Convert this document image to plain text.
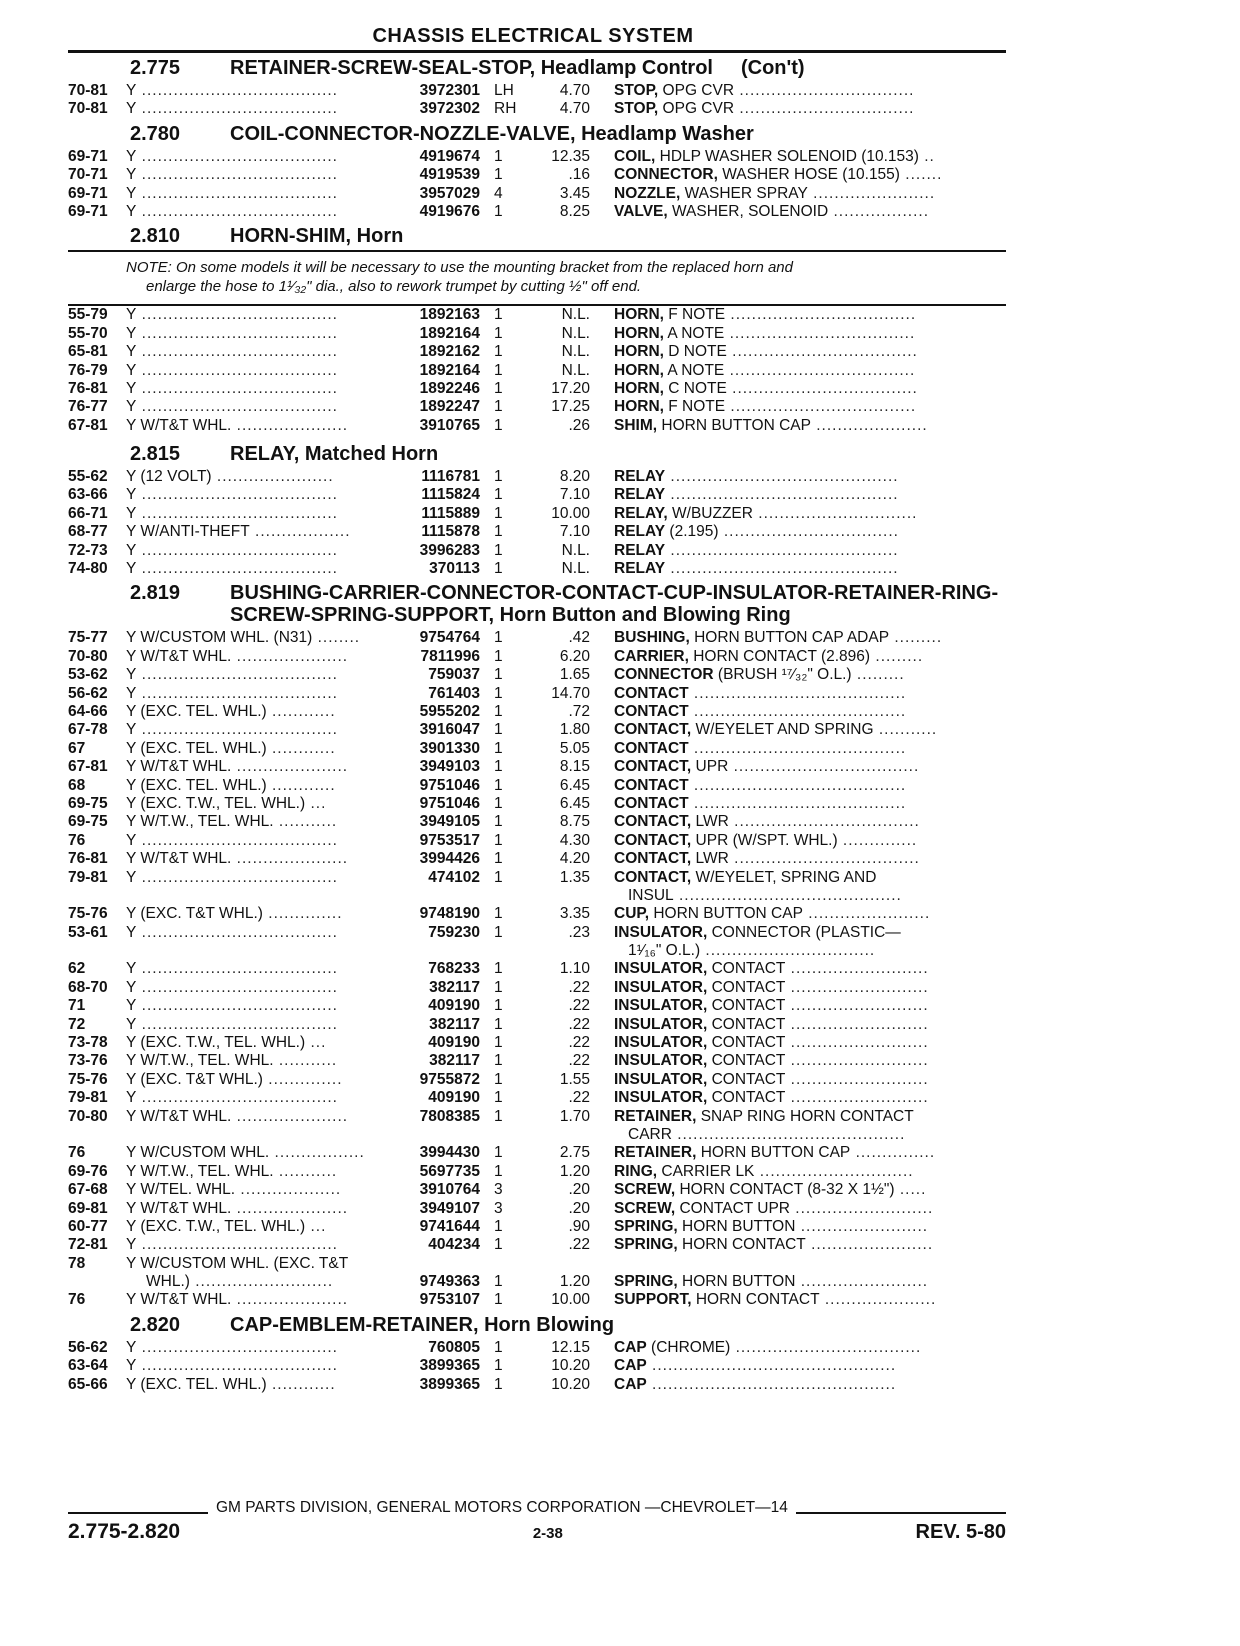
CHASSIS ELECTRICAL SYSTEM
2.775	RETAINER-SCREW-SEAL-STOP, Headlamp Control (Con't)
70-81	Y .....................................	3972301 LH	4.70	STOP, OPG CVR .................................
70-81	Y .....................................	3972302 RH	4.70	STOP, OPG CVR .................................
2.780	COIL-CONNECTOR-NOZZLE-VALVE, Headlamp Washer
69-71	Y .....................................	4919674 1	12.35	COIL, HDLP WASHER SOLENOID (10.153) ..
70-71	Y .....................................	4919539 1	.16	CONNECTOR, WASHER HOSE (10.155) .......
69-71	Y .....................................	3957029 4	3.45	NOZZLE, WASHER SPRAY .......................
69-71	Y .....................................	4919676 1	8.25	VALVE, WASHER, SOLENOID ..................
2.810	HORN-SHIM, Horn
NOTE: On some models it will be necessary to use the mounting bracket from the replaced horn and
enlarge the hose to 1¹⁄₃₂" dia., also to rework trumpet by cutting ½" off end.
55-79	Y .....................................	1892163 1	N.L.	HORN, F NOTE ...................................
55-70	Y .....................................	1892164 1	N.L.	HORN, A NOTE ...................................
65-81	Y .....................................	1892162 1	N.L.	HORN, D NOTE ...................................
76-79	Y .....................................	1892164 1	N.L.	HORN, A NOTE ...................................
76-81	Y .....................................	1892246 1	17.20	HORN, C NOTE ...................................
76-77	Y .....................................	1892247 1	17.25	HORN, F NOTE ...................................
67-81	Y W/T&T WHL. .....................	3910765 1	.26	SHIM, HORN BUTTON CAP .....................
2.815	RELAY, Matched Horn
55-62	Y (12 VOLT) ......................	1116781 1	8.20	RELAY ...........................................
63-66	Y .....................................	1115824 1	7.10	RELAY ...........................................
66-71	Y .....................................	1115889 1	10.00	RELAY, W/BUZZER ..............................
68-77	Y W/ANTI-THEFT ..................	1115878 1	7.10	RELAY (2.195) .................................
72-73	Y .....................................	3996283 1	N.L.	RELAY ...........................................
74-80	Y .....................................	370113 1	N.L.	RELAY ...........................................
2.819	BUSHING-CARRIER-CONNECTOR-CONTACT-CUP-INSULATOR-RETAINER-RING-SCREW-SPRING-SUPPORT, Horn Button and Blowing Ring
75-77	Y W/CUSTOM WHL. (N31) ........	9754764 1	.42	BUSHING, HORN BUTTON CAP ADAP .........
70-80	Y W/T&T WHL. .....................	7811996 1	6.20	CARRIER, HORN CONTACT (2.896) .........
53-62	Y .....................................	759037 1	1.65	CONNECTOR (BRUSH ¹⁷⁄₃₂" O.L.) .........
56-62	Y .....................................	761403 1	14.70	CONTACT ........................................
64-66	Y (EXC. TEL. WHL.) ............	5955202 1	.72	CONTACT ........................................
67-78	Y .....................................	3916047 1	1.80	CONTACT, W/EYELET AND SPRING ...........
67	Y (EXC. TEL. WHL.) ............	3901330 1	5.05	CONTACT ........................................
67-81	Y W/T&T WHL. .....................	3949103 1	8.15	CONTACT, UPR ...................................
68	Y (EXC. TEL. WHL.) ............	9751046 1	6.45	CONTACT ........................................
69-75	Y (EXC. T.W., TEL. WHL.) ...	9751046 1	6.45	CONTACT ........................................
69-75	Y W/T.W., TEL. WHL. ...........	3949105 1	8.75	CONTACT, LWR ...................................
76	Y .....................................	9753517 1	4.30	CONTACT, UPR (W/SPT. WHL.) ..............
76-81	Y W/T&T WHL. .....................	3994426 1	4.20	CONTACT, LWR ...................................
79-81	Y .....................................	474102 1	1.35	CONTACT, W/EYELET, SPRING AND
INSUL ..........................................
75-76	Y (EXC. T&T WHL.) ..............	9748190 1	3.35	CUP, HORN BUTTON CAP .......................
53-61	Y .....................................	759230 1	.23	INSULATOR, CONNECTOR (PLASTIC—
1¹⁄₁₆" O.L.) ................................
62	Y .....................................	768233 1	1.10	INSULATOR, CONTACT ..........................
68-70	Y .....................................	382117 1	.22	INSULATOR, CONTACT ..........................
71	Y .....................................	409190 1	.22	INSULATOR, CONTACT ..........................
72	Y .....................................	382117 1	.22	INSULATOR, CONTACT ..........................
73-78	Y (EXC. T.W., TEL. WHL.) ...	409190 1	.22	INSULATOR, CONTACT ..........................
73-76	Y W/T.W., TEL. WHL. ...........	382117 1	.22	INSULATOR, CONTACT ..........................
75-76	Y (EXC. T&T WHL.) ..............	9755872 1	1.55	INSULATOR, CONTACT ..........................
79-81	Y .....................................	409190 1	.22	INSULATOR, CONTACT ..........................
70-80	Y W/T&T WHL. .....................	7808385 1	1.70	RETAINER, SNAP RING HORN CONTACT
CARR ...........................................
76	Y W/CUSTOM WHL. .................	3994430 1	2.75	RETAINER, HORN BUTTON CAP ...............
69-76	Y W/T.W., TEL. WHL. ...........	5697735 1	1.20	RING, CARRIER LK .............................
67-68	Y W/TEL. WHL. ...................	3910764 3	.20	SCREW, HORN CONTACT (8-32 X 1½") .....
69-81	Y W/T&T WHL. .....................	3949107 3	.20	SCREW, CONTACT UPR ..........................
60-77	Y (EXC. T.W., TEL. WHL.) ...	9741644 1	.90	SPRING, HORN BUTTON ........................
72-81	Y .....................................	404234 1	.22	SPRING, HORN CONTACT .......................
78	Y W/CUSTOM WHL. (EXC. T&T
WHL.) ..........................	9749363 1	1.20	SPRING, HORN BUTTON ........................
76	Y W/T&T WHL. .....................	9753107 1	10.00	SUPPORT, HORN CONTACT .....................
2.820	CAP-EMBLEM-RETAINER, Horn Blowing
56-62	Y .....................................	760805 1	12.15	CAP (CHROME) ...................................
63-64	Y .....................................	3899365 1	10.20	CAP ..............................................
65-66	Y (EXC. TEL. WHL.) ............	3899365 1	10.20	CAP ..............................................
GM PARTS DIVISION, GENERAL MOTORS CORPORATION —CHEVROLET—14
2.775-2.820	2-38	REV. 5-80
